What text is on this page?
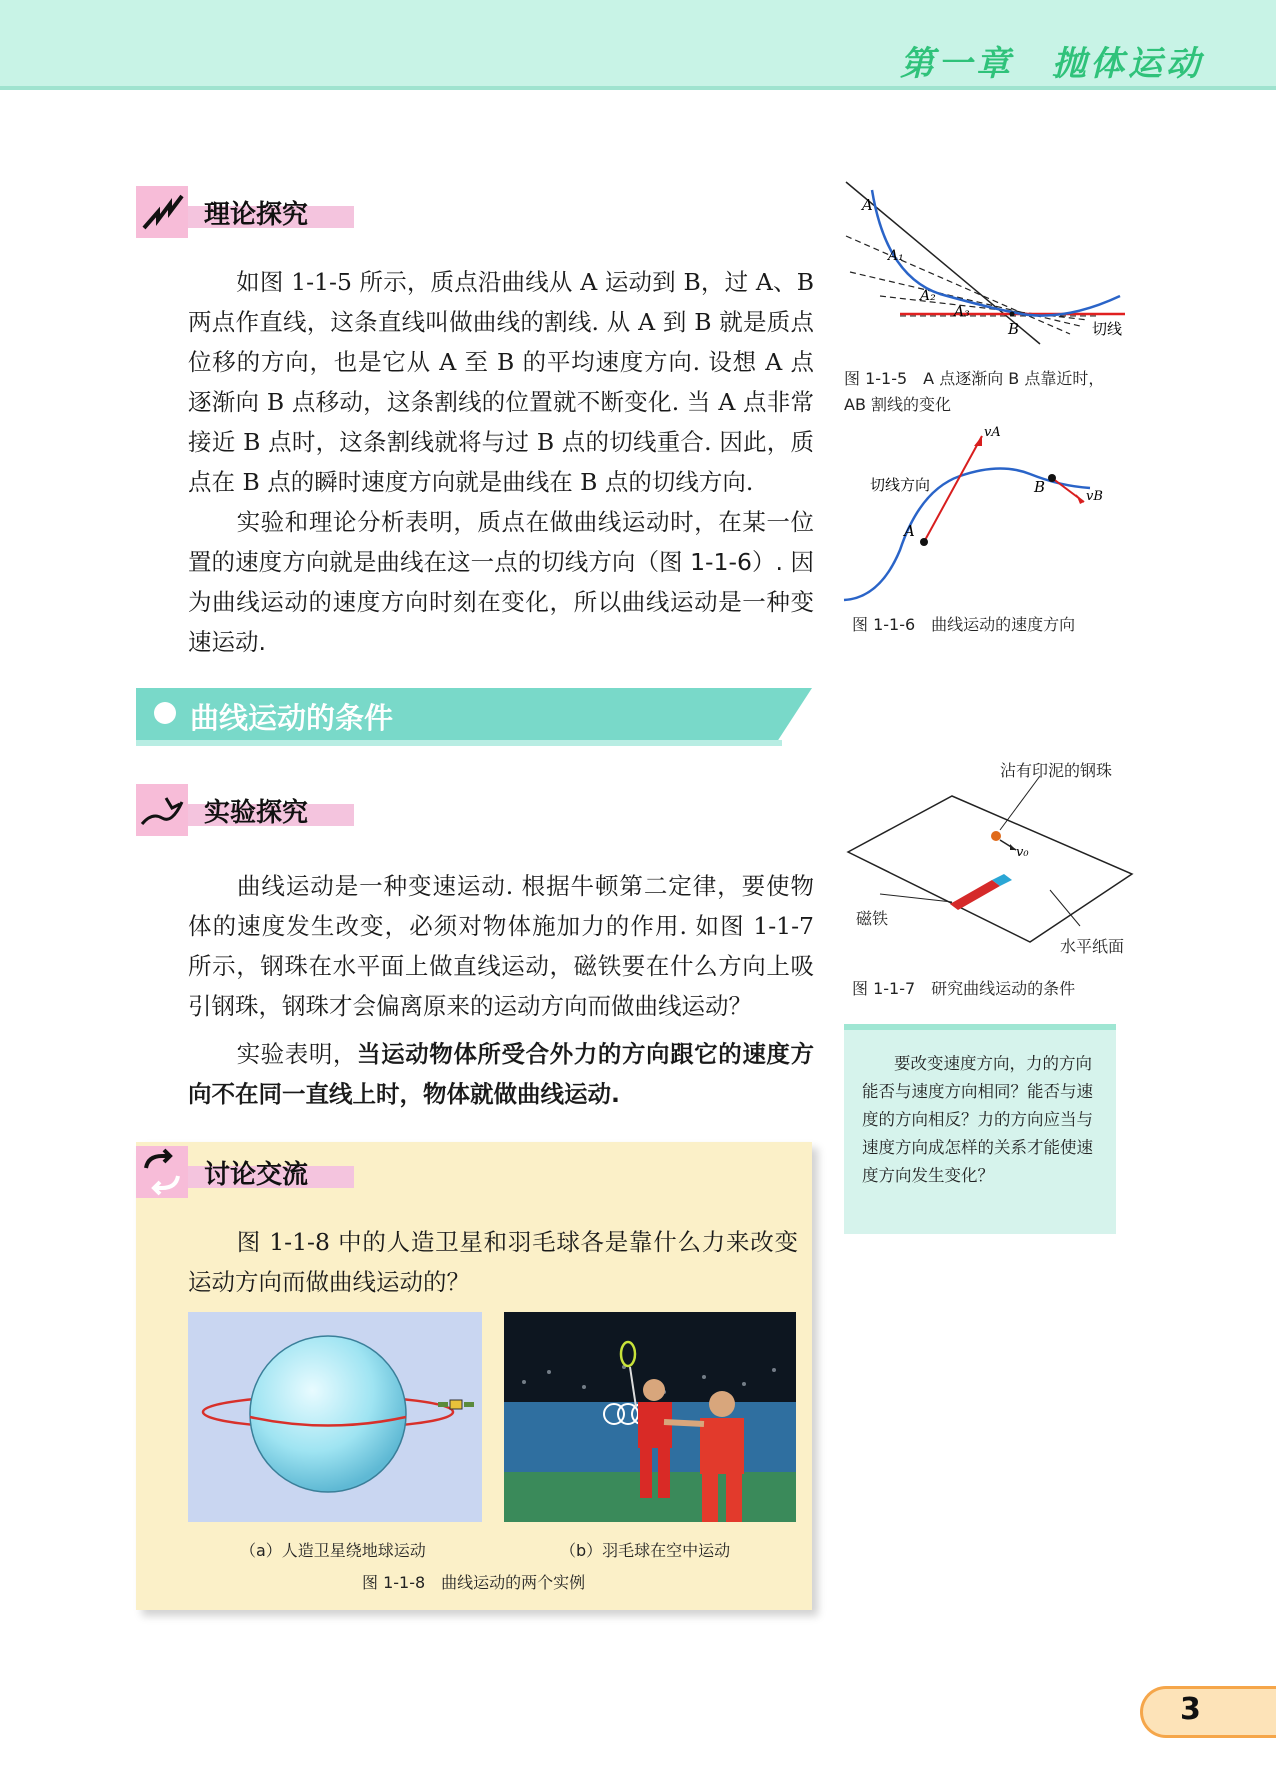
第一章　抛体运动
理论探究
如图 1-1-5 所示，质点沿曲线从 A 运动到 B，过 A、B 两点作直线，这条直线叫做曲线的割线. 从 A 到 B 就是质点位移的方向，也是它从 A 至 B 的平均速度方向. 设想 A 点逐渐向 B 点移动，这条割线的位置就不断变化. 当 A 点非常接近 B 点时，这条割线就将与过 B 点的切线重合. 因此，质点在 B 点的瞬时速度方向就是曲线在 B 点的切线方向.
实验和理论分析表明，质点在做曲线运动时，在某一位置的速度方向就是曲线在这一点的切线方向（图 1-1-6）. 因为曲线运动的速度方向时刻在变化，所以曲线运动是一种变速运动.
曲线运动的条件
实验探究
曲线运动是一种变速运动. 根据牛顿第二定律，要使物体的速度发生改变，必须对物体施加力的作用. 如图 1-1-7 所示，钢珠在水平面上做直线运动，磁铁要在什么方向上吸引钢珠，钢珠才会偏离原来的运动方向而做曲线运动？
实验表明，当运动物体所受合外力的方向跟它的速度方向不在同一直线上时，物体就做曲线运动.
讨论交流
图 1-1-8 中的人造卫星和羽毛球各是靠什么力来改变运动方向而做曲线运动的？
（a）人造卫星绕地球运动	（b）羽毛球在空中运动
图 1-1-8　曲线运动的两个实例
A
A₁
A₂
A₃
B	切线
图 1-1-5　A 点逐渐向 B 点靠近时，
AB 割线的变化
切线方向
A
B
vA
vB
图 1-1-6　曲线运动的速度方向
v₀
沾有印泥的钢珠
磁铁
水平纸面
图 1-1-7　研究曲线运动的条件
要改变速度方向，力的方向能否与速度方向相同？能否与速度的方向相反？力的方向应当与速度方向成怎样的关系才能使速度方向发生变化？
3
